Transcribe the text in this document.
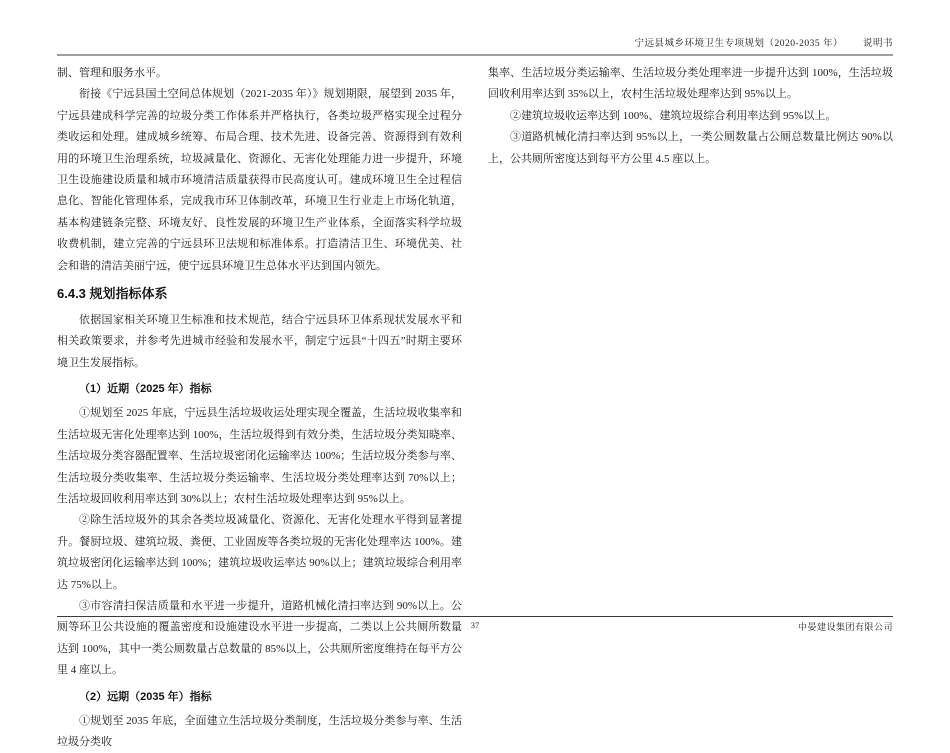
宁远县城乡环境卫生专项规划（2020-2035 年） 说明书

制、管理和服务水平。

衔接《宁远县国土空间总体规划（2021-2035 年）》规划期限，展望到 2035 年，宁远县建成科学完善的垃圾分类工作体系并严格执行，各类垃圾严格实现全过程分类收运和处理。建成城乡统筹、布局合理、技术先进、设备完善、资源得到有效利用的环境卫生治理系统，垃圾减量化、资源化、无害化处理能力进一步提升，环境卫生设施建设质量和城市环境清洁质量获得市民高度认可。建成环境卫生全过程信息化、智能化管理体系，完成我市环卫体制改革，环境卫生行业走上市场化轨道，基本构建链条完整、环境友好、良性发展的环境卫生产业体系，全面落实科学垃圾收费机制，建立完善的宁远县环卫法规和标准体系。打造清洁卫生、环境优美、社会和谐的清洁美丽宁远，使宁远县环境卫生总体水平达到国内领先。

6.4.3 规划指标体系

依据国家相关环境卫生标准和技术规范，结合宁远县环卫体系现状发展水平和相关政策要求，并参考先进城市经验和发展水平，制定宁远县“十四五”时期主要环境卫生发展指标。

（1）近期（2025 年）指标

①规划至 2025 年底，宁远县生活垃圾收运处理实现全覆盖，生活垃圾收集率和生活垃圾无害化处理率达到 100%，生活垃圾得到有效分类，生活垃圾分类知晓率、生活垃圾分类容器配置率、生活垃圾密闭化运输率达 100%；生活垃圾分类参与率、生活垃圾分类收集率、生活垃圾分类运输率、生活垃圾分类处理率达到 70%以上；生活垃圾回收利用率达到 30%以上；农村生活垃圾处理率达到 95%以上。

②除生活垃圾外的其余各类垃圾减量化、资源化、无害化处理水平得到显著提升。餐厨垃圾、建筑垃圾、粪便、工业固废等各类垃圾的无害化处理率达 100%。建筑垃圾密闭化运输率达到 100%；建筑垃圾收运率达 90%以上；建筑垃圾综合利用率达 75%以上。

③市容清扫保洁质量和水平进一步提升，道路机械化清扫率达到 90%以上。公厕等环卫公共设施的覆盖密度和设施建设水平进一步提高，二类以上公共厕所数量达到 100%，其中一类公厕数量占总数量的 85%以上，公共厕所密度维持在每平方公里 4 座以上。

（2）远期（2035 年）指标

①规划至 2035 年底，全面建立生活垃圾分类制度，生活垃圾分类参与率、生活垃圾分类收

集率、生活垃圾分类运输率、生活垃圾分类处理率进一步提升达到 100%，生活垃圾回收利用率达到 35%以上，农村生活垃圾处理率达到 95%以上。

②建筑垃圾收运率达到 100%、建筑垃圾综合利用率达到 95%以上。

③道路机械化清扫率达到 95%以上，一类公厕数量占公厕总数量比例达 90%以上，公共厕所密度达到每平方公里 4.5 座以上。

37	中晏建设集团有限公司
